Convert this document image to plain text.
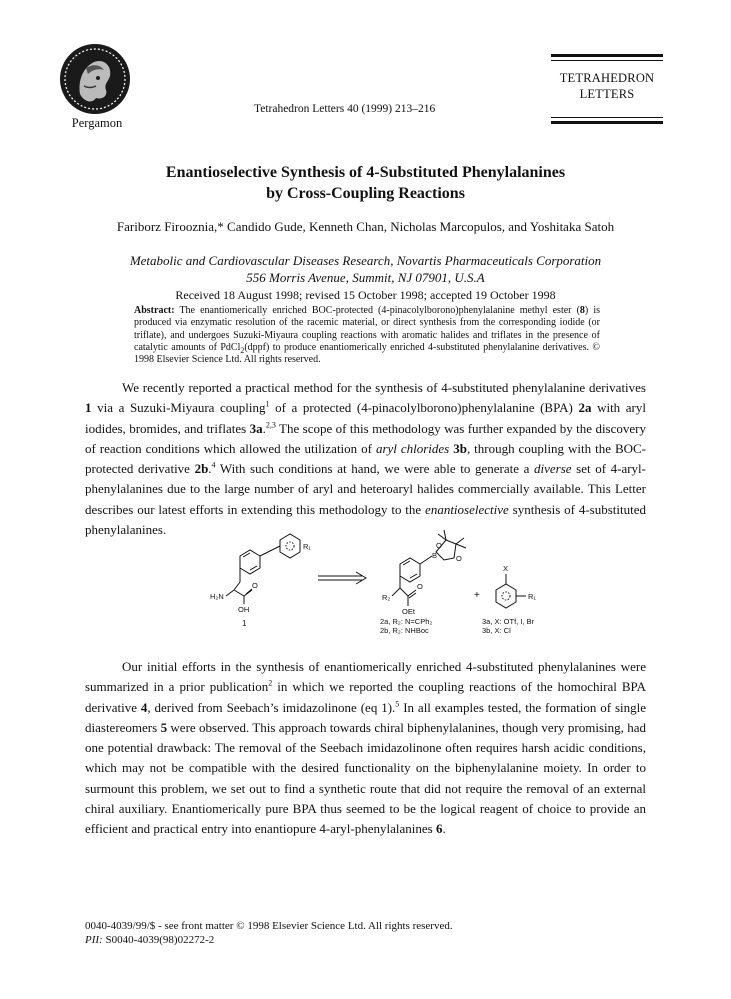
Pergamon
Tetrahedron Letters 40 (1999) 213–216
TETRAHEDRON
LETTERS
Enantioselective Synthesis of 4-Substituted Phenylalanines
by Cross-Coupling Reactions
Fariborz Firooznia,* Candido Gude, Kenneth Chan, Nicholas Marcopulos, and Yoshitaka Satoh
Metabolic and Cardiovascular Diseases Research, Novartis Pharmaceuticals Corporation
556 Morris Avenue, Summit, NJ 07901, U.S.A
Received 18 August 1998; revised 15 October 1998; accepted 19 October 1998
Abstract: The enantiomerically enriched BOC-protected (4-pinacolylborono)phenylalanine methyl ester (8) is produced via enzymatic resolution of the racemic material, or direct synthesis from the corresponding iodide (or triflate), and undergoes Suzuki-Miyaura coupling reactions with aromatic halides and triflates in the presence of catalytic amounts of PdCl$_2$(dppf) to produce enantiomerically enriched 4-substituted phenylalanine derivatives. © 1998 Elsevier Science Ltd. All rights reserved.

We recently reported a practical method for the synthesis of 4-substituted phenylalanine derivatives 1 via a Suzuki-Miyaura coupling$^1$ of a protected (4-pinacolylborono)phenylalanine (BPA) 2a with aryl iodides, bromides, and triflates 3a.$^{2,3}$ The scope of this methodology was further expanded by the discovery of reaction conditions which allowed the utilization of aryl chlorides 3b, through coupling with the BOC-protected derivative 2b.$^4$ With such conditions at hand, we were able to generate a diverse set of 4-aryl-phenylalanines due to the large number of aryl and heteroaryl halides commercially available. This Letter describes our latest efforts in extending this methodology to the enantioselective synthesis of 4-substituted phenylalanines.

R₁
H₂N
O
OH
R₂
O
OEt
B
O
O
X
R₁
+
1	2a, R₂: N=CPh₂
2b, R₂: NHBoc
3a, X: OTf, I, Br
3b, X: Cl

Our initial efforts in the synthesis of enantiomerically enriched 4-substituted phenylalanines were summarized in a prior publication$^2$ in which we reported the coupling reactions of the homochiral BPA derivative 4, derived from Seebach’s imidazolinone (eq 1).$^5$ In all examples tested, the formation of single diastereomers 5 were observed. This approach towards chiral biphenylalanines, though very promising, had one potential drawback: The removal of the Seebach imidazolinone often requires harsh acidic conditions, which may not be compatible with the desired functionality on the biphenylalanine moiety. In order to surmount this problem, we set out to find a synthetic route that did not require the removal of an external chiral auxiliary. Enantiomerically pure BPA thus seemed to be the logical reagent of choice to provide an efficient and practical entry into enantiopure 4-aryl-phenylalanines 6.

0040-4039/99/$ - see front matter © 1998 Elsevier Science Ltd. All rights reserved.
PII: S0040-4039(98)02272-2
